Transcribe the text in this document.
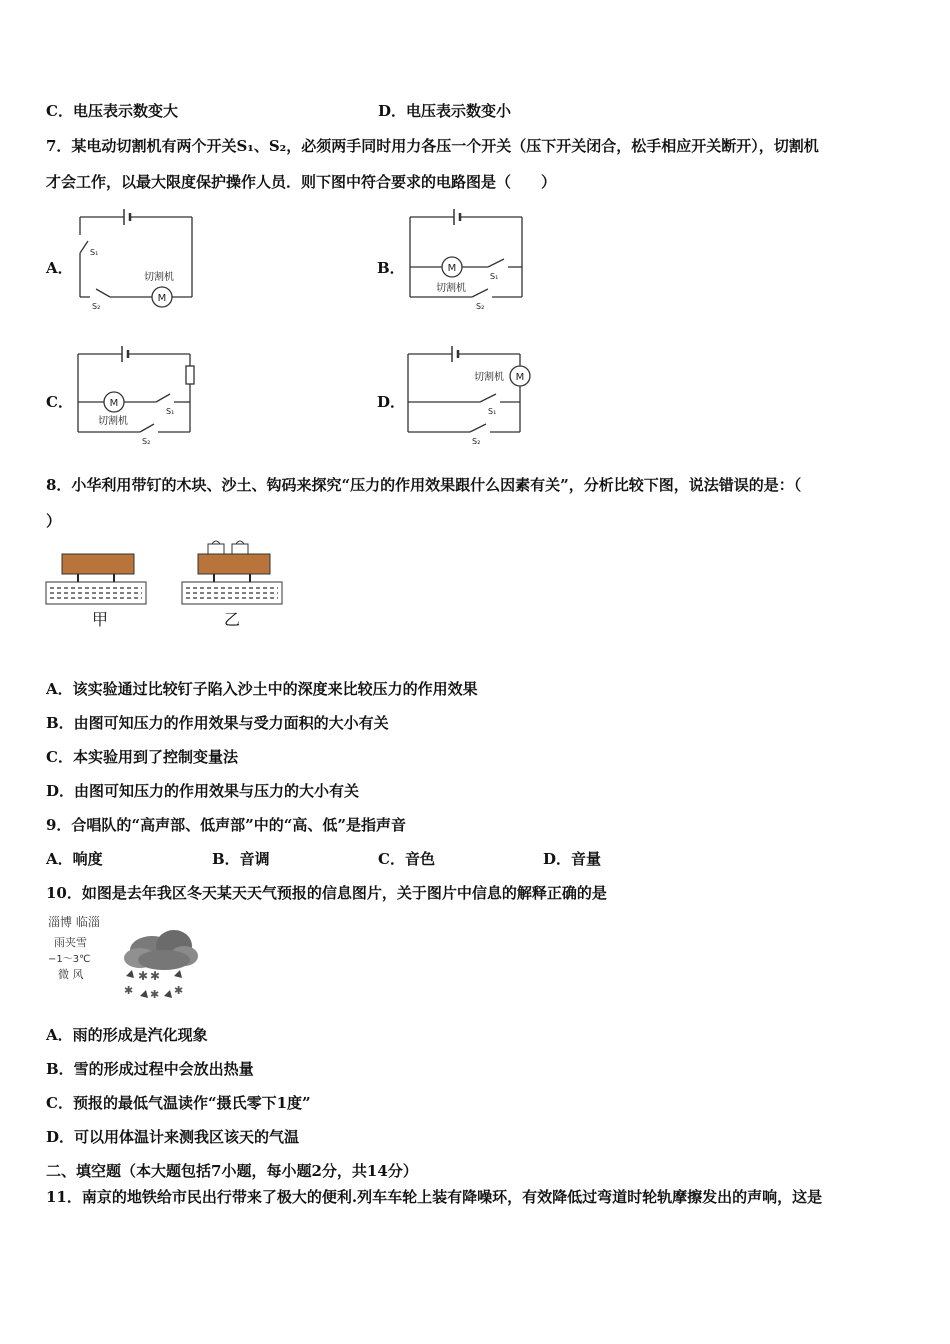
C．电压表示数变大	D．电压表示数变小
7．某电动切割机有两个开关S₁、S₂，必须两手同时用力各压一个开关（压下开关闭合，松手相应开关断开），切割机
才会工作，以最大限度保护操作人员．则下图中符合要求的电路图是（　　）
A．	B．
C．	D．
M
切割机
S₁
S₂
M
切割机
S₁
S₂
M
切割机
S₁
S₂
M
切割机
S₁
S₂
8．小华利用带钉的木块、沙土、钩码来探究“压力的作用效果跟什么因素有关”，分析比较下图，说法错误的是：（
）
甲	乙
A．该实验通过比较钉子陷入沙土中的深度来比较压力的作用效果
B．由图可知压力的作用效果与受力面积的大小有关
C．本实验用到了控制变量法
D．由图可知压力的作用效果与压力的大小有关
9．合唱队的“高声部、低声部”中的“高、低”是指声音
A．响度	B．音调	C．音色	D．音量
10．如图是去年我区冬天某天天气预报的信息图片，关于图片中信息的解释正确的是
淄博 临淄
雨夹雪
−1～3℃
微 风	✱ ✱
✱ ✱ ✱
A．雨的形成是汽化现象
B．雪的形成过程中会放出热量
C．预报的最低气温读作“摄氏零下1度”
D．可以用体温计来测我区该天的气温
二、填空题（本大题包括7小题，每小题2分，共14分）
11．南京的地铁给市民出行带来了极大的便利.列车车轮上装有降噪环，有效降低过弯道时轮轨摩擦发出的声响，这是
